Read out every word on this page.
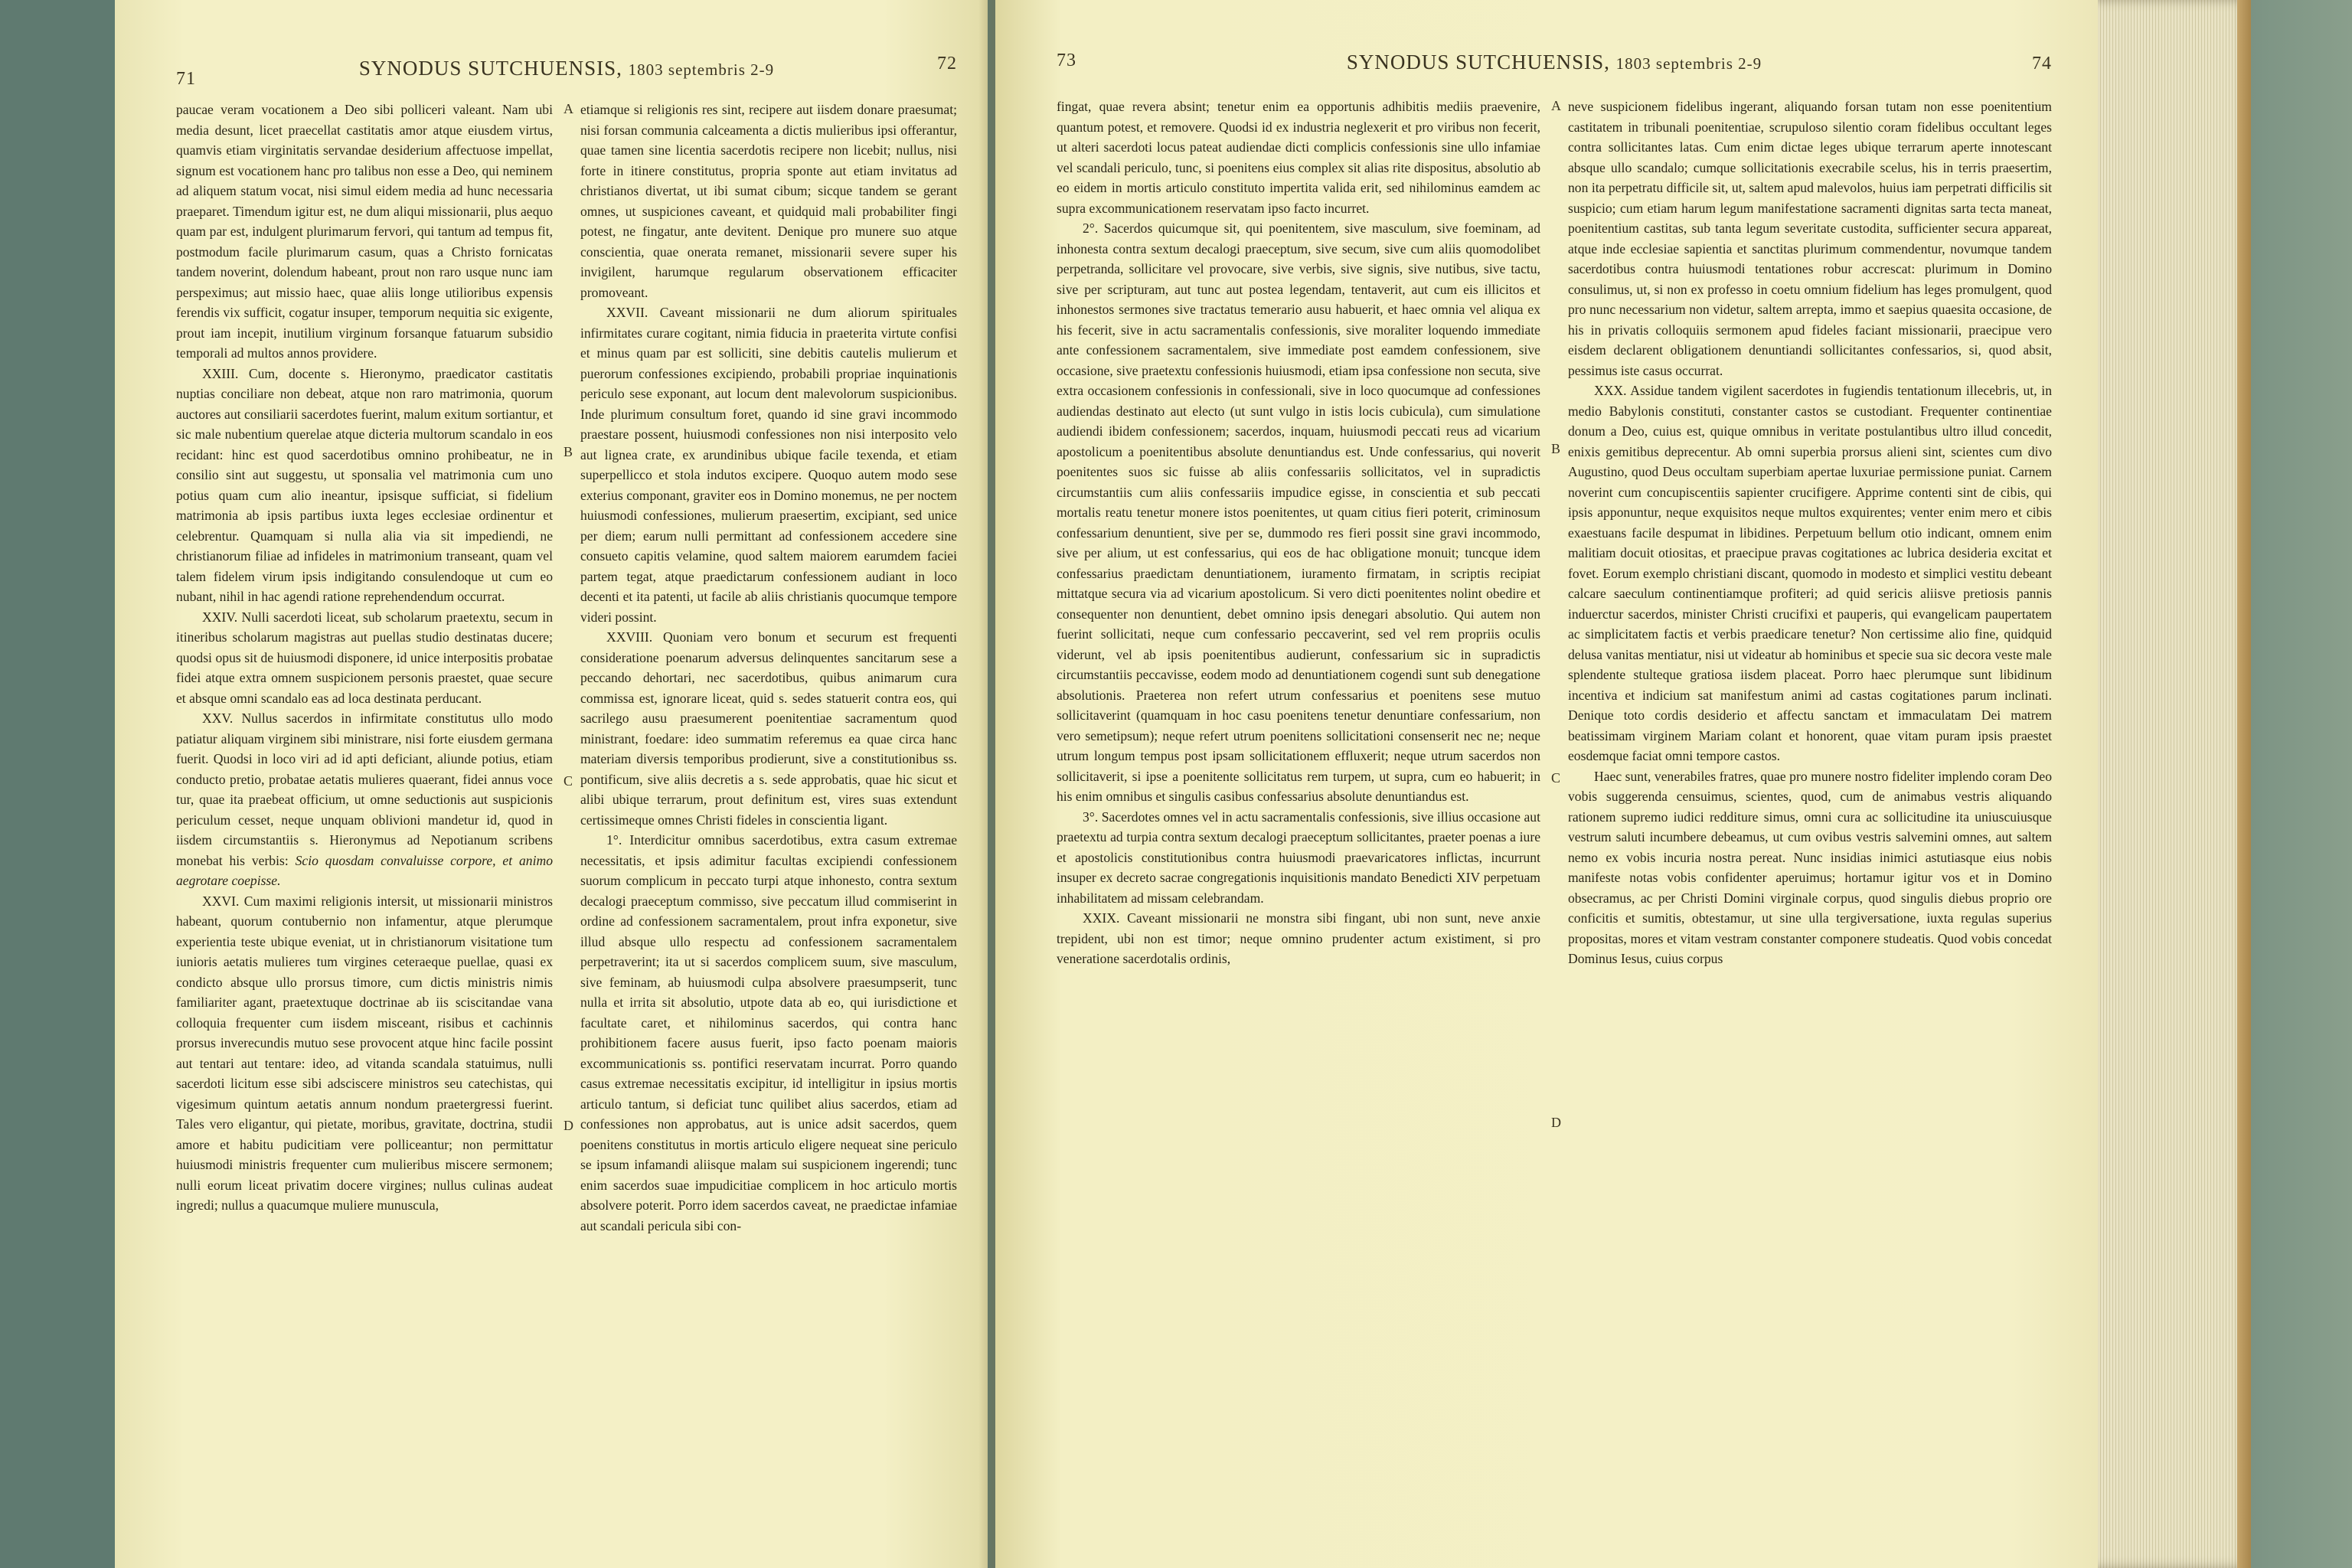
71	SYNODUS SUTCHUENSIS, 1803 septembris 2-9	72

paucae veram vocationem a Deo sibi polliceri valeant. Nam ubi media desunt, licet praecellat castitatis amor atque eiusdem virtus, quamvis etiam virginitatis servandae desiderium affectuose impellat, signum est vocationem hanc pro talibus non esse a Deo, qui neminem ad aliquem statum vocat, nisi simul eidem media ad hunc necessaria praeparet. Timendum igitur est, ne dum aliqui missionarii, plus aequo quam par est, indulgent plurimarum fervori, qui tantum ad tempus fit, postmodum facile plurimarum casum, quas a Christo fornicatas tandem noverint, dolendum habeant, prout non raro usque nunc iam perspeximus; aut missio haec, quae aliis longe utilioribus expensis ferendis vix sufficit, cogatur insuper, temporum nequitia sic exigente, prout iam incepit, inutilium virginum forsanque fatuarum subsidio temporali ad multos annos providere.

XXIII. Cum, docente s. Hieronymo, praedicator castitatis nuptias conciliare non debeat, atque non raro matrimonia, quorum auctores aut consiliarii sacerdotes fuerint, malum exitum sortiantur, et sic male nubentium querelae atque dicteria multorum scandalo in eos recidant: hinc est quod sacerdotibus omnino prohibeatur, ne in consilio sint aut suggestu, ut sponsalia vel matrimonia cum uno potius quam cum alio ineantur, ipsisque sufficiat, si fidelium matrimonia ab ipsis partibus iuxta leges ecclesiae ordinentur et celebrentur. Quamquam si nulla alia via sit impediendi, ne christianorum filiae ad infideles in matrimonium transeant, quam vel talem fidelem virum ipsis indigitando consulendoque ut cum eo nubant, nihil in hac agendi ratione reprehendendum occurrat.

XXIV. Nulli sacerdoti liceat, sub scholarum praetextu, secum in itineribus scholarum magistras aut puellas studio destinatas ducere; quodsi opus sit de huiusmodi disponere, id unice interpositis probatae fidei atque extra omnem suspicionem personis praestet, quae secure et absque omni scandalo eas ad loca destinata perducant.

XXV. Nullus sacerdos in infirmitate constitutus ullo modo patiatur aliquam virginem sibi ministrare, nisi forte eiusdem germana fuerit. Quodsi in loco viri ad id apti deficiant, aliunde potius, etiam conducto pretio, probatae aetatis mulieres quaerant, fidei annus voce tur, quae ita praebeat officium, ut omne seductionis aut suspicionis periculum cesset, neque unquam oblivioni mandetur id, quod in iisdem circumstantiis s. Hieronymus ad Nepotianum scribens monebat his verbis: Scio quosdam convaluisse corpore, et animo aegrotare coepisse.

XXVI. Cum maximi religionis intersit, ut missionarii ministros habeant, quorum contubernio non infamentur, atque plerumque experientia teste ubique eveniat, ut in christianorum visitatione tum iunioris aetatis mulieres tum virgines ceteraeque puellae, quasi ex condicto absque ullo prorsus timore, cum dictis ministris nimis familiariter agant, praetextuque doctrinae ab iis sciscitandae vana colloquia frequenter cum iisdem misceant, risibus et cachinnis prorsus inverecundis mutuo sese provocent atque hinc facile possint aut tentari aut tentare: ideo, ad vitanda scandala statuimus, nulli sacerdoti licitum esse sibi adsciscere ministros seu catechistas, qui vigesimum quintum aetatis annum nondum praetergressi fuerint. Tales vero eligantur, qui pietate, moribus, gravitate, doctrina, studii amore et habitu pudicitiam vere polliceantur; non permittatur huiusmodi ministris frequenter cum mulieribus miscere sermonem; nulli eorum liceat privatim docere virgines; nullus culinas audeat ingredi; nullus a quacumque muliere munuscula,

A
B
C
D

etiamque si religionis res sint, recipere aut iisdem donare praesumat; nisi forsan communia calceamenta a dictis mulieribus ipsi offerantur, quae tamen sine licentia sacerdotis recipere non licebit; nullus, nisi forte in itinere constitutus, propria sponte aut etiam invitatus ad christianos divertat, ut ibi sumat cibum; sicque tandem se gerant omnes, ut suspiciones caveant, et quidquid mali probabiliter fingi potest, ne fingatur, ante devitent. Denique pro munere suo atque conscientia, quae onerata remanet, missionarii severe super his invigilent, harumque regularum observationem efficaciter promoveant.

XXVII. Caveant missionarii ne dum aliorum spirituales infirmitates curare cogitant, nimia fiducia in praeterita virtute confisi et minus quam par est solliciti, sine debitis cautelis mulierum et puerorum confessiones excipiendo, probabili propriae inquinationis periculo sese exponant, aut locum dent malevolorum suspicionibus. Inde plurimum consultum foret, quando id sine gravi incommodo praestare possent, huiusmodi confessiones non nisi interposito velo aut lignea crate, ex arundinibus ubique facile texenda, et etiam superpellicco et stola indutos excipere. Quoquo autem modo sese exterius componant, graviter eos in Domino monemus, ne per noctem huiusmodi confessiones, mulierum praesertim, excipiant, sed unice per diem; earum nulli permittant ad confessionem accedere sine consueto capitis velamine, quod saltem maiorem earumdem faciei partem tegat, atque praedictarum confessionem audiant in loco decenti et ita patenti, ut facile ab aliis christianis quocumque tempore videri possint.

XXVIII. Quoniam vero bonum et securum est frequenti consideratione poenarum adversus delinquentes sancitarum sese a peccando dehortari, nec sacerdotibus, quibus animarum cura commissa est, ignorare liceat, quid s. sedes statuerit contra eos, qui sacrilego ausu praesumerent poenitentiae sacramentum quod ministrant, foedare: ideo summatim referemus ea quae circa hanc materiam diversis temporibus prodierunt, sive a constitutionibus ss. pontificum, sive aliis decretis a s. sede approbatis, quae hic sicut et alibi ubique terrarum, prout definitum est, vires suas extendunt certissimeque omnes Christi fideles in conscientia ligant.

1°. Interdicitur omnibus sacerdotibus, extra casum extremae necessitatis, et ipsis adimitur facultas excipiendi confessionem suorum complicum in peccato turpi atque inhonesto, contra sextum decalogi praeceptum commisso, sive peccatum illud commiserint in ordine ad confessionem sacramentalem, prout infra exponetur, sive illud absque ullo respectu ad confessionem sacramentalem perpetraverint; ita ut si sacerdos complicem suum, sive masculum, sive feminam, ab huiusmodi culpa absolvere praesumpserit, tunc nulla et irrita sit absolutio, utpote data ab eo, qui iurisdictione et facultate caret, et nihilominus sacerdos, qui contra hanc prohibitionem facere ausus fuerit, ipso facto poenam maioris excommunicationis ss. pontifici reservatam incurrat. Porro quando casus extremae necessitatis excipitur, id intelligitur in ipsius mortis articulo tantum, si deficiat tunc quilibet alius sacerdos, etiam ad confessiones non approbatus, aut is unice adsit sacerdos, quem poenitens constitutus in mortis articulo eligere nequeat sine periculo se ipsum infamandi aliisque malam sui suspicionem ingerendi; tunc enim sacerdos suae impudicitiae complicem in hoc articulo mortis absolvere poterit. Porro idem sacerdos caveat, ne praedictae infamiae aut scandali pericula sibi con-

73	SYNODUS SUTCHUENSIS, 1803 septembris 2-9	74

fingat, quae revera absint; tenetur enim ea opportunis adhibitis mediis praevenire, quantum potest, et removere. Quodsi id ex industria neglexerit et pro viribus non fecerit, ut alteri sacerdoti locus pateat audiendae dicti complicis confessionis sine ullo infamiae vel scandali periculo, tunc, si poenitens eius complex sit alias rite dispositus, absolutio ab eo eidem in mortis articulo constituto impertita valida erit, sed nihilominus eamdem ac supra excommunicationem reservatam ipso facto incurret.

2°. Sacerdos quicumque sit, qui poenitentem, sive masculum, sive foeminam, ad inhonesta contra sextum decalogi praeceptum, sive secum, sive cum aliis quomodolibet perpetranda, sollicitare vel provocare, sive verbis, sive signis, sive nutibus, sive tactu, sive per scripturam, aut tunc aut postea legendam, tentaverit, aut cum eis illicitos et inhonestos sermones sive tractatus temerario ausu habuerit, et haec omnia vel aliqua ex his fecerit, sive in actu sacramentalis confessionis, sive moraliter loquendo immediate ante confessionem sacramentalem, sive immediate post eamdem confessionem, sive occasione, sive praetextu confessionis huiusmodi, etiam ipsa confessione non secuta, sive extra occasionem confessionis in confessionali, sive in loco quocumque ad confessiones audiendas destinato aut electo (ut sunt vulgo in istis locis cubicula), cum simulatione audiendi ibidem confessionem; sacerdos, inquam, huiusmodi peccati reus ad vicarium apostolicum a poenitentibus absolute denuntiandus est. Unde confessarius, qui noverit poenitentes suos sic fuisse ab aliis confessariis sollicitatos, vel in supradictis circumstantiis cum aliis confessariis impudice egisse, in conscientia et sub peccati mortalis reatu tenetur monere istos poenitentes, ut quam citius fieri poterit, criminosum confessarium denuntient, sive per se, dummodo res fieri possit sine gravi incommodo, sive per alium, ut est confessarius, qui eos de hac obligatione monuit; tuncque idem confessarius praedictam denuntiationem, iuramento firmatam, in scriptis recipiat mittatque secura via ad vicarium apostolicum. Si vero dicti poenitentes nolint obedire et consequenter non denuntient, debet omnino ipsis denegari absolutio. Qui autem non fuerint sollicitati, neque cum confessario peccaverint, sed vel rem propriis oculis viderunt, vel ab ipsis poenitentibus audierunt, confessarium sic in supradictis circumstantiis peccavisse, eodem modo ad denuntiationem cogendi sunt sub denegatione absolutionis. Praeterea non refert utrum confessarius et poenitens sese mutuo sollicitaverint (quamquam in hoc casu poenitens tenetur denuntiare confessarium, non vero semetipsum); neque refert utrum poenitens sollicitationi consenserit nec ne; neque utrum longum tempus post ipsam sollicitationem effluxerit; neque utrum sacerdos non sollicitaverit, si ipse a poenitente sollicitatus rem turpem, ut supra, cum eo habuerit; in his enim omnibus et singulis casibus confessarius absolute denuntiandus est.

3°. Sacerdotes omnes vel in actu sacramentalis confessionis, sive illius occasione aut praetextu ad turpia contra sextum decalogi praeceptum sollicitantes, praeter poenas a iure et apostolicis constitutionibus contra huiusmodi praevaricatores inflictas, incurrunt insuper ex decreto sacrae congregationis inquisitionis mandato Benedicti XIV perpetuam inhabilitatem ad missam celebrandam.

XXIX. Caveant missionarii ne monstra sibi fingant, ubi non sunt, neve anxie trepident, ubi non est timor; neque omnino prudenter actum existiment, si pro veneratione sacerdotalis ordinis,

A
B
C
D

neve suspicionem fidelibus ingerant, aliquando forsan tutam non esse poenitentium castitatem in tribunali poenitentiae, scrupuloso silentio coram fidelibus occultant leges contra sollicitantes latas. Cum enim dictae leges ubique terrarum aperte innotescant absque ullo scandalo; cumque sollicitationis execrabile scelus, his in terris praesertim, non ita perpetratu difficile sit, ut, saltem apud malevolos, huius iam perpetrati difficilis sit suspicio; cum etiam harum legum manifestatione sacramenti dignitas sarta tecta maneat, poenitentium castitas, sub tanta legum severitate custodita, sufficienter secura appareat, atque inde ecclesiae sapientia et sanctitas plurimum commendentur, novumque tandem sacerdotibus contra huiusmodi tentationes robur accrescat: plurimum in Domino consulimus, ut, si non ex professo in coetu omnium fidelium has leges promulgent, quod pro nunc necessarium non videtur, saltem arrepta, immo et saepius quaesita occasione, de his in privatis colloquiis sermonem apud fideles faciant missionarii, praecipue vero eisdem declarent obligationem denuntiandi sollicitantes confessarios, si, quod absit, pessimus iste casus occurrat.

XXX. Assidue tandem vigilent sacerdotes in fugiendis tentationum illecebris, ut, in medio Babylonis constituti, constanter castos se custodiant. Frequenter continentiae donum a Deo, cuius est, quique omnibus in veritate postulantibus ultro illud concedit, enixis gemitibus deprecentur. Ab omni superbia prorsus alieni sint, scientes cum divo Augustino, quod Deus occultam superbiam apertae luxuriae permissione puniat. Carnem noverint cum concupiscentiis sapienter crucifigere. Apprime contenti sint de cibis, qui ipsis apponuntur, neque exquisitos neque multos exquirentes; venter enim mero et cibis exaestuans facile despumat in libidines. Perpetuum bellum otio indicant, omnem enim malitiam docuit otiositas, et praecipue pravas cogitationes ac lubrica desideria excitat et fovet. Eorum exemplo christiani discant, quomodo in modesto et simplici vestitu debeant calcare saeculum continentiamque profiteri; ad quid sericis aliisve pretiosis pannis induerctur sacerdos, minister Christi crucifixi et pauperis, qui evangelicam paupertatem ac simplicitatem factis et verbis praedicare tenetur? Non certissime alio fine, quidquid delusa vanitas mentiatur, nisi ut videatur ab hominibus et specie sua sic decora veste male splendente stulteque gratiosa iisdem placeat. Porro haec plerumque sunt libidinum incentiva et indicium sat manifestum animi ad castas cogitationes parum inclinati. Denique toto cordis desiderio et affectu sanctam et immaculatam Dei matrem beatissimam virginem Mariam colant et honorent, quae vitam puram ipsis praestet eosdemque faciat omni tempore castos.

Haec sunt, venerabiles fratres, quae pro munere nostro fideliter implendo coram Deo vobis suggerenda censuimus, scientes, quod, cum de animabus vestris aliquando rationem supremo iudici redditure simus, omni cura ac sollicitudine ita uniuscuiusque vestrum saluti incumbere debeamus, ut cum ovibus vestris salvemini omnes, aut saltem nemo ex vobis incuria nostra pereat. Nunc insidias inimici astutiasque eius nobis manifeste notas vobis confidenter aperuimus; hortamur igitur vos et in Domino obsecramus, ac per Christi Domini virginale corpus, quod singulis diebus proprio ore conficitis et sumitis, obtestamur, ut sine ulla tergiversatione, iuxta regulas superius propositas, mores et vitam vestram constanter componere studeatis. Quod vobis concedat Dominus Iesus, cuius corpus
